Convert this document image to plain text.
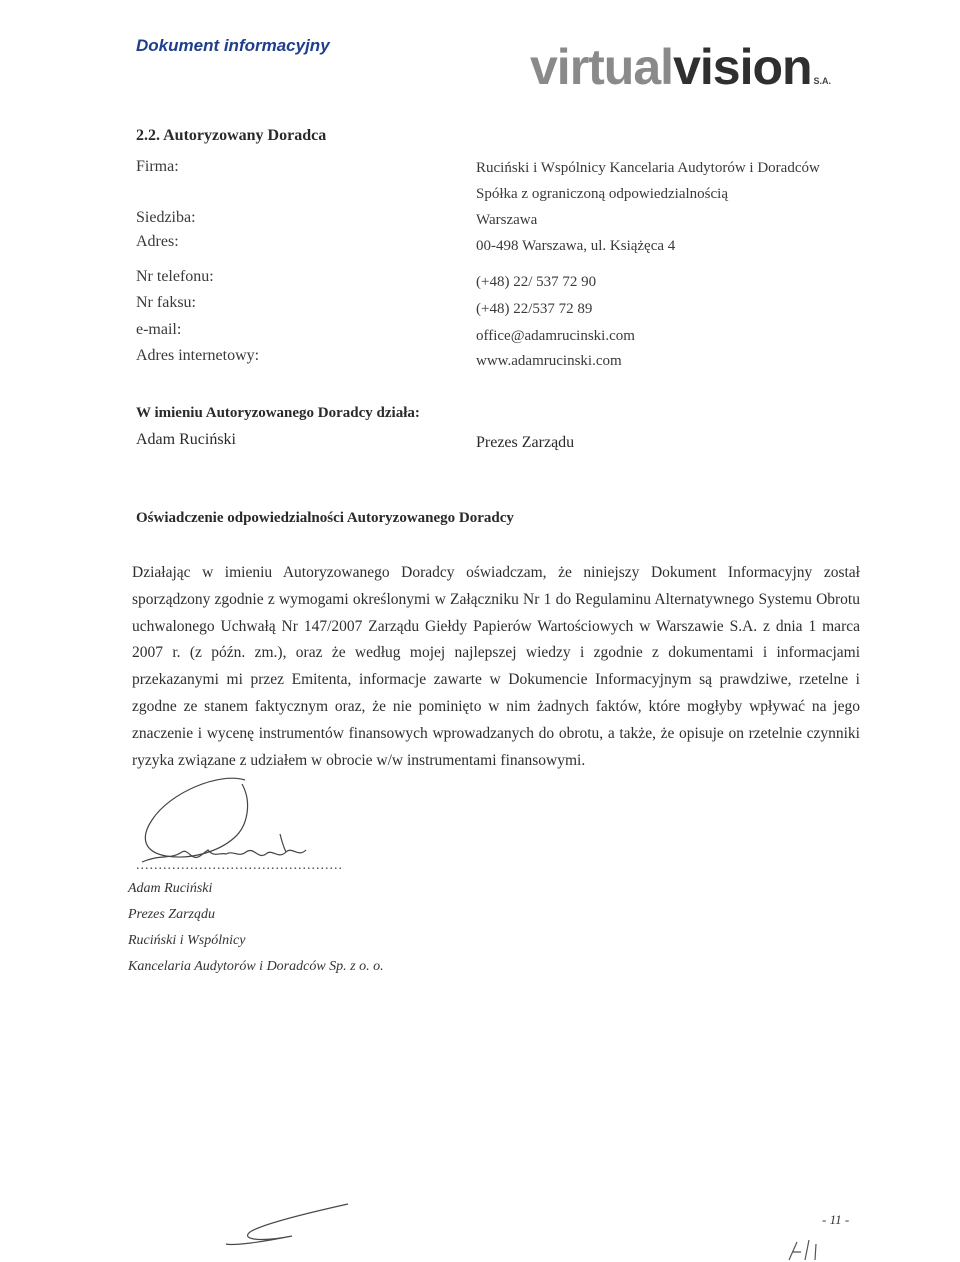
Dokument informacyjny	virtualvision S.A.
2.2. Autoryzowany Doradca
Firma:	Ruciński i Wspólnicy Kancelaria Audytorów i Doradców
Spółka z ograniczoną odpowiedzialnością
Siedziba:	Warszawa
Adres:	00-498 Warszawa, ul. Książęca 4
Nr telefonu:	(+48) 22/ 537 72 90
Nr faksu:	(+48) 22/537 72 89
e-mail:	office@adamrucinski.com
Adres internetowy:	www.adamrucinski.com
W imieniu Autoryzowanego Doradcy działa:
Adam Ruciński	Prezes Zarządu
Oświadczenie odpowiedzialności Autoryzowanego Doradcy
Działając w imieniu Autoryzowanego Doradcy oświadczam, że niniejszy Dokument Informacyjny został sporządzony zgodnie z wymogami określonymi w Załączniku Nr 1 do Regulaminu Alternatywnego Systemu Obrotu uchwalonego Uchwałą Nr 147/2007 Zarządu Giełdy Papierów Wartościowych w Warszawie S.A. z dnia 1 marca 2007 r. (z późn. zm.), oraz że według mojej najlepszej wiedzy i zgodnie z dokumentami i informacjami przekazanymi mi przez Emitenta, informacje zawarte w Dokumencie Informacyjnym są prawdziwe, rzetelne i zgodne ze stanem faktycznym oraz, że nie pominięto w nim żadnych faktów, które mogłyby wpływać na jego znaczenie i wycenę instrumentów finansowych wprowadzanych do obrotu, a także, że opisuje on rzetelnie czynniki ryzyka związane z udziałem w obrocie w/w instrumentami finansowymi.
..............................................
Adam Ruciński
Prezes Zarządu
Ruciński i Wspólnicy
Kancelaria Audytorów i Doradców Sp. z o. o.
- 11 -
